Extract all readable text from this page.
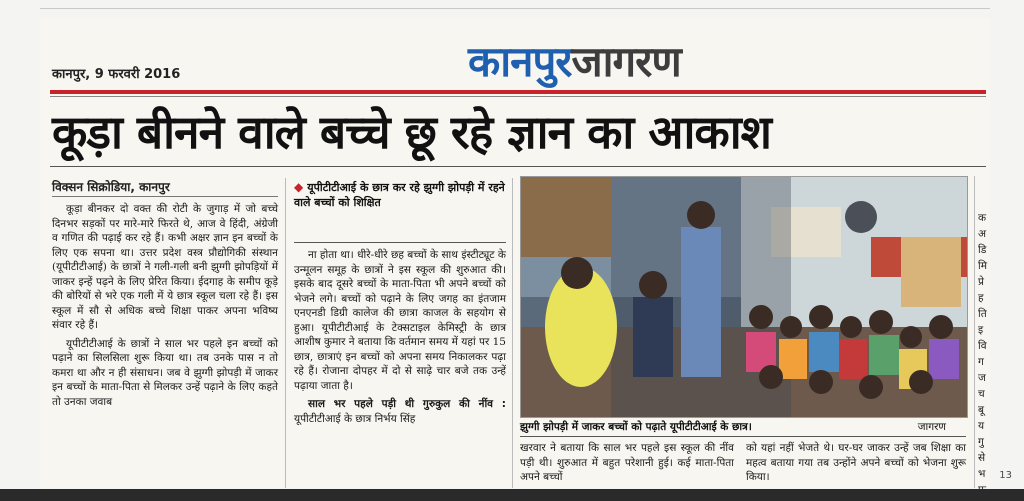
कानपुर, 9 फरवरी 2016	कानपुरजागरण
कूड़ा बीनने वाले बच्चे छू रहे ज्ञान का आकाश
विक्सन सिक्रोडिया, कानपुर

कूड़ा बीनकर दो वक्त की रोटी के जुगाड़ में जो बच्चे दिनभर सड़कों पर मारे-मारे फिरते थे, आज वे हिंदी, अंग्रेजी व गणित की पढ़ाई कर रहे हैं। कभी अक्षर ज्ञान इन बच्चों के लिए एक सपना था। उत्तर प्रदेश वस्त्र प्रौद्योगिकी संस्थान (यूपीटीटीआई) के छात्रों ने गली-गली बनी झुग्गी झोपड़ियों में जाकर इन्हें पढ़ने के लिए प्रेरित किया। ईदगाह के समीप कूड़े की बोरियों से भरे एक गली में ये छात्र स्कूल चला रहे हैं। इस स्कूल में सौ से अधिक बच्चे शिक्षा पाकर अपना भविष्य संवार रहे हैं।

यूपीटीटीआई के छात्रों ने साल भर पहले इन बच्चों को पढ़ाने का सिलसिला शुरू किया था। तब उनके पास न तो कमरा था और न ही संसाधन। जब वे झुग्गी झोपड़ी में जाकर इन बच्चों के माता-पिता से मिलकर उन्हें पढ़ाने के लिए कहते तो उनका जवाब

◆ यूपीटीटीआई के छात्र कर रहे झुग्गी झोपड़ी में रहने वाले बच्चों को शिक्षित

ना होता था। धीरे-धीरे छह बच्चों के साथ इंस्टीट्यूट के उन्मूलन समूह के छात्रों ने इस स्कूल की शुरुआत की। इसके बाद दूसरे बच्चों के माता-पिता भी अपने बच्चों को भेजने लगे। बच्चों को पढ़ाने के लिए जगह का इंतजाम एनएनडी डिग्री कालेज की छात्रा काजल के सहयोग से हुआ। यूपीटीटीआई के टेक्सटाइल केमिस्ट्री के छात्र आशीष कुमार ने बताया कि वर्तमान समय में यहां पर 15 छात्र, छात्राएं इन बच्चों को अपना समय निकालकर पढ़ा रहे हैं। रोजाना दोपहर में दो से साढ़े चार बजे तक उन्हें पढ़ाया जाता है।

साल भर पहले पड़ी थी गुरुकुल की नींव : यूपीटीटीआई के छात्र निर्भय सिंह

झुग्गी झोपड़ी में जाकर बच्चों को पढ़ाते यूपीटीटीआई के छात्र।	जागरण

खरवार ने बताया कि साल भर पहले इस स्कूल की नींव पड़ी थी। शुरुआत में बहुत परेशानी हुई। कई माता-पिता अपने बच्चों

को यहां नहीं भेजते थे। घर-घर जाकर उन्हें जब शिक्षा का महत्व बताया गया तब उन्होंने अपने बच्चों को भेजना शुरू किया।

क
अ
डि
मि
प्रे
ह
ति
इ
वि
ग
ज
च
बू
य
गु
से
भ	13
